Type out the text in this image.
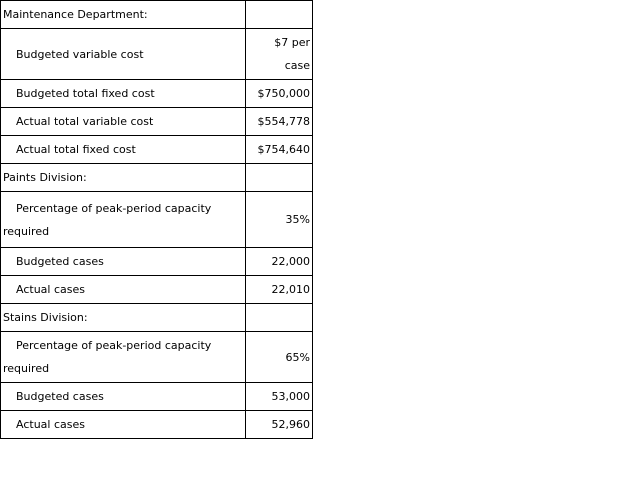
Maintenance Department:	
Budgeted variable cost	$7 per case
Budgeted total fixed cost	$750,000
Actual total variable cost	$554,778
Actual total fixed cost	$754,640
Paints Division:	

Percentage of peak-period capacity
required	35%
Budgeted cases	22,000
Actual cases	22,010
Stains Division:	

Percentage of peak-period capacity
required	65%
Budgeted cases	53,000
Actual cases	52,960
